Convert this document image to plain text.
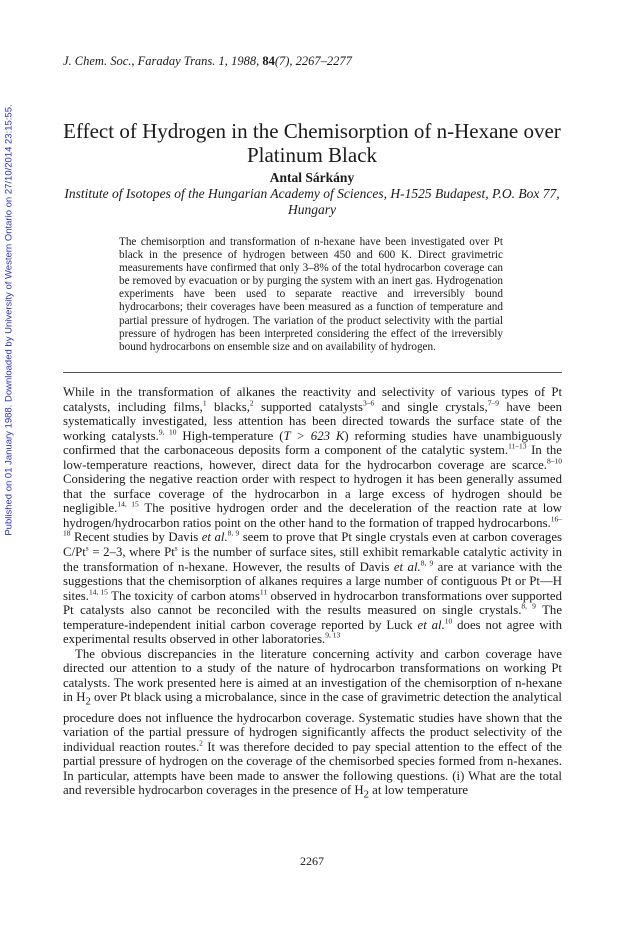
Published on 01 January 1988. Downloaded by University of Western Ontario on 27/10/2014 23:15:55.
J. Chem. Soc., Faraday Trans. 1, 1988, 84(7), 2267–2277
Effect of Hydrogen in the Chemisorption of n-Hexane over Platinum Black
Antal Sárkány
Institute of Isotopes of the Hungarian Academy of Sciences, H-1525 Budapest, P.O. Box 77, Hungary
The chemisorption and transformation of n-hexane have been investigated over Pt black in the presence of hydrogen between 450 and 600 K. Direct gravimetric measurements have confirmed that only 3–8% of the total hydrocarbon coverage can be removed by evacuation or by purging the system with an inert gas. Hydrogenation experiments have been used to separate reactive and irreversibly bound hydrocarbons; their coverages have been measured as a function of temperature and partial pressure of hydrogen. The variation of the product selectivity with the partial pressure of hydrogen has been interpreted considering the effect of the irreversibly bound hydrocarbons on ensemble size and on availability of hydrogen.

While in the transformation of alkanes the reactivity and selectivity of various types of Pt catalysts, including films,$^1$ blacks,$^2$ supported catalysts$^{3-6}$ and single crystals,$^{7-9}$ have been systematically investigated, less attention has been directed towards the surface state of the working catalysts.$^{9, 10}$ High-temperature (T > 623 K) reforming studies have unambiguously confirmed that the carbonaceous deposits form a component of the catalytic system.$^{11-13}$ In the low-temperature reactions, however, direct data for the hydrocarbon coverage are scarce.$^{8-10}$ Considering the negative reaction order with respect to hydrogen it has been generally assumed that the surface coverage of the hydrocarbon in a large excess of hydrogen should be negligible.$^{14, 15}$ The positive hydrogen order and the deceleration of the reaction rate at low hydrogen/hydrocarbon ratios point on the other hand to the formation of trapped hydrocarbons.$^{16-18}$ Recent studies by Davis et al.$^{8, 9}$ seem to prove that Pt single crystals even at carbon coverages $C/Pt^s = 2-3$, where Pt$^s$ is the number of surface sites, still exhibit remarkable catalytic activity in the transformation of n-hexane. However, the results of Davis et al.$^{8, 9}$ are at variance with the suggestions that the chemisorption of alkanes requires a large number of contiguous Pt or Pt—H sites.$^{14, 15}$ The toxicity of carbon atoms$^{11}$ observed in hydrocarbon transformations over supported Pt catalysts also cannot be reconciled with the results measured on single crystals.$^{8, 9}$ The temperature-independent initial carbon coverage reported by Luck et al.$^{10}$ does not agree with experimental results observed in other laboratories.$^{9, 13}$

The obvious discrepancies in the literature concerning activity and carbon coverage have directed our attention to a study of the nature of hydrocarbon transformations on working Pt catalysts. The work presented here is aimed at an investigation of the chemisorption of n-hexane in $H_2$ over Pt black using a microbalance, since in the case of gravimetric detection the analytical procedure does not influence the hydrocarbon coverage. Systematic studies have shown that the variation of the partial pressure of hydrogen significantly affects the product selectivity of the individual reaction routes.$^2$ It was therefore decided to pay special attention to the effect of the partial pressure of hydrogen on the coverage of the chemisorbed species formed from n-hexanes. In particular, attempts have been made to answer the following questions. (i) What are the total and reversible hydrocarbon coverages in the presence of $H_2$ at low temperature

2267
